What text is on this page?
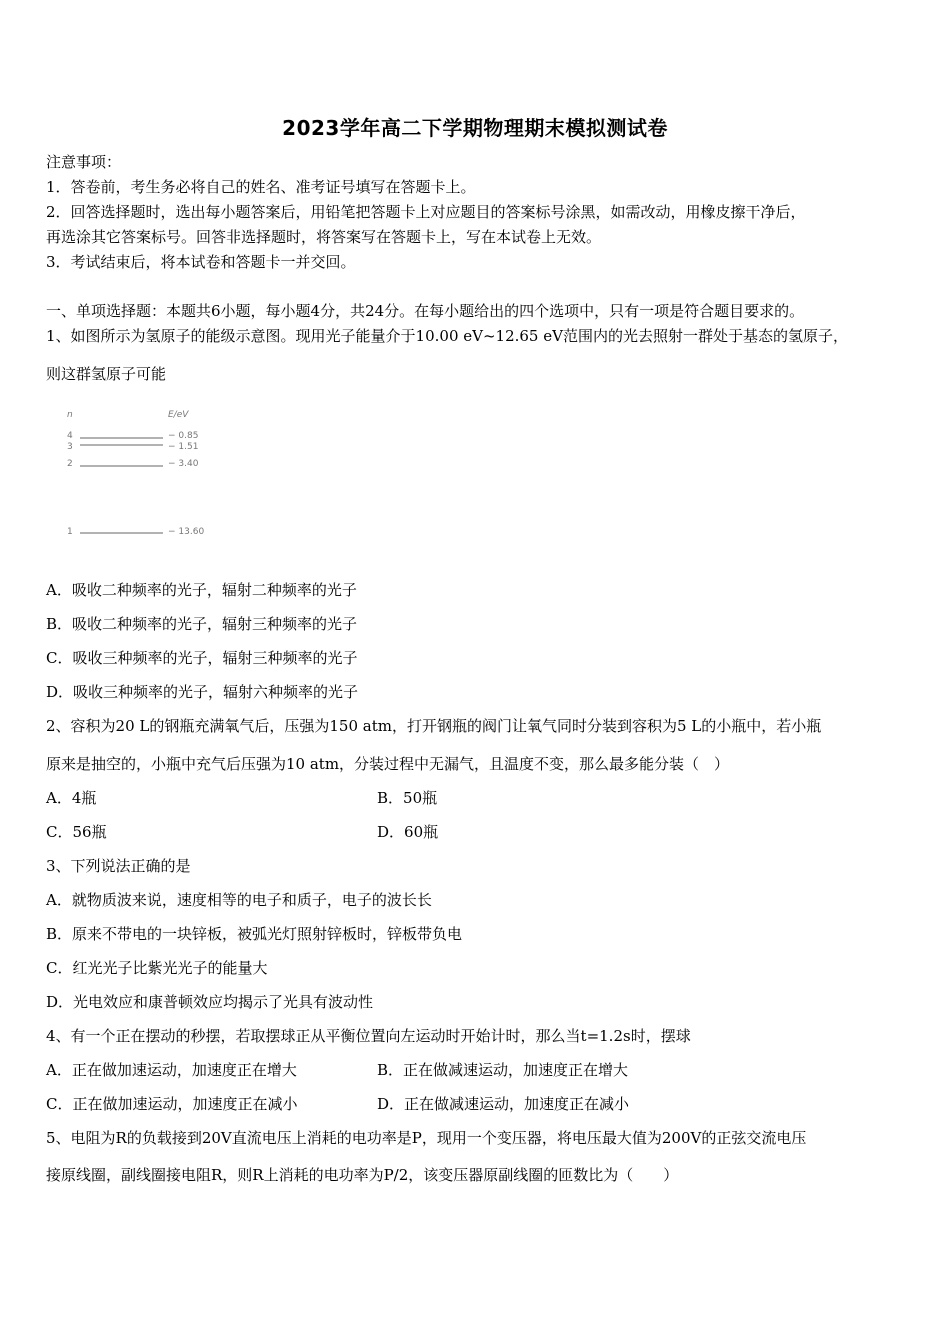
2023学年高二下学期物理期末模拟测试卷
注意事项：
1．答卷前，考生务必将自己的姓名、准考证号填写在答题卡上。
2．回答选择题时，选出每小题答案后，用铅笔把答题卡上对应题目的答案标号涂黑，如需改动，用橡皮擦干净后，
再选涂其它答案标号。回答非选择题时，将答案写在答题卡上，写在本试卷上无效。
3．考试结束后，将本试卷和答题卡一并交回。
一、单项选择题：本题共6小题，每小题4分，共24分。在每小题给出的四个选项中，只有一项是符合题目要求的。
1、如图所示为氢原子的能级示意图。现用光子能量介于10.00 eV~12.65 eV范围内的光去照射一群处于基态的氢原子，
则这群氢原子可能
n	E/eV
4	− 0.85
3	− 1.51
2	− 3.40
1	− 13.60
A．吸收二种频率的光子，辐射二种频率的光子
B．吸收二种频率的光子，辐射三种频率的光子
C．吸收三种频率的光子，辐射三种频率的光子
D．吸收三种频率的光子，辐射六种频率的光子
2、容积为20 L的钢瓶充满氧气后，压强为150 atm，打开钢瓶的阀门让氧气同时分装到容积为5 L的小瓶中，若小瓶
原来是抽空的，小瓶中充气后压强为10 atm，分装过程中无漏气，且温度不变，那么最多能分装（　）
A．4瓶	B．50瓶
C．56瓶	D．60瓶
3、下列说法正确的是
A．就物质波来说，速度相等的电子和质子，电子的波长长
B．原来不带电的一块锌板，被弧光灯照射锌板时，锌板带负电
C．红光光子比紫光光子的能量大
D．光电效应和康普顿效应均揭示了光具有波动性
4、有一个正在摆动的秒摆，若取摆球正从平衡位置向左运动时开始计时，那么当t=1.2s时，摆球
A．正在做加速运动，加速度正在增大	B．正在做减速运动，加速度正在增大
C．正在做加速运动，加速度正在减小	D．正在做减速运动，加速度正在减小
5、电阻为R的负载接到20V直流电压上消耗的电功率是P，现用一个变压器，将电压最大值为200V的正弦交流电压
接原线圈，副线圈接电阻R，则R上消耗的电功率为P/2，该变压器原副线圈的匝数比为（　　）
